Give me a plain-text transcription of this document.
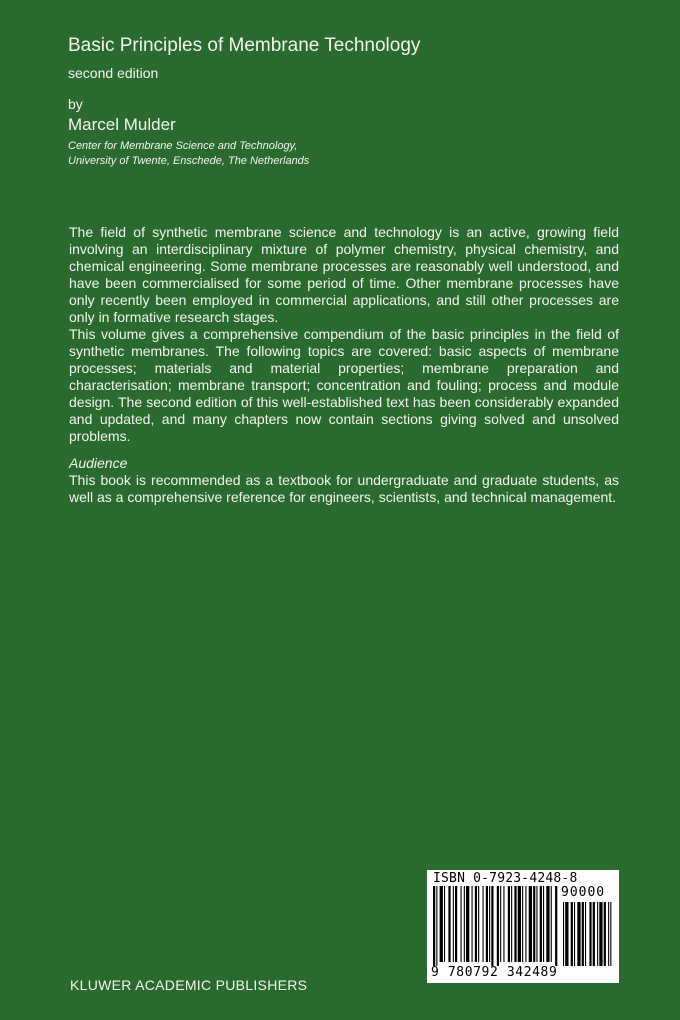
Basic Principles of Membrane Technology
second edition
by
Marcel Mulder
Center for Membrane Science and Technology,
University of Twente, Enschede, The Netherlands

The field of synthetic membrane science and technology is an active, growing field involving an interdisciplinary mixture of polymer chemistry, physical chemistry, and chemical engineering. Some membrane processes are reasonably well understood, and have been commercialised for some period of time. Other membrane processes have only recently been employed in commercial applications, and still other processes are only in formative research stages.

This volume gives a comprehensive compendium of the basic principles in the field of synthetic membranes. The following topics are covered: basic aspects of membrane processes; materials and material properties; membrane preparation and characterisation; membrane transport; concentration and fouling; process and module design. The second edition of this well-established text has been considerably expanded and updated, and many chapters now contain sections giving solved and unsolved problems.

Audience

This book is recommended as a textbook for undergraduate and graduate students, as well as a comprehensive reference for engineers, scientists, and technical management.

ISBN 0-7923-4248-8
90000
9 780792 342489
KLUWER ACADEMIC PUBLISHERS
